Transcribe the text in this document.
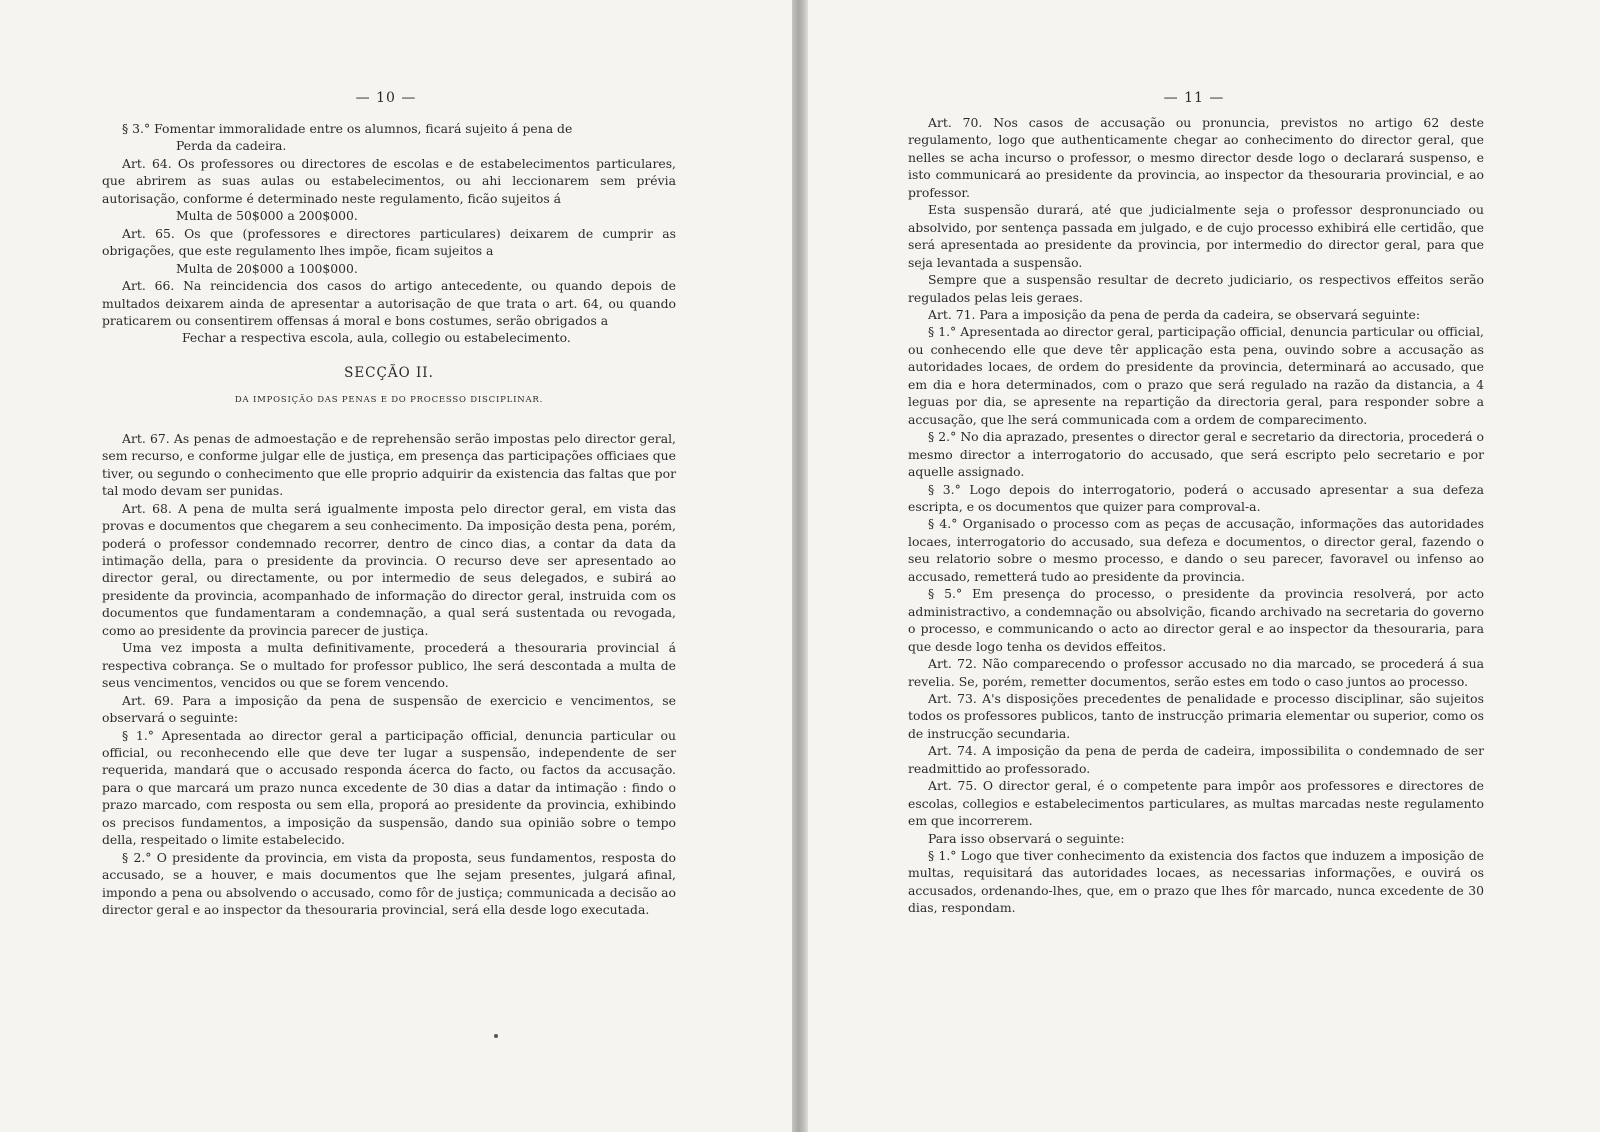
— 10 —

§ 3.° Fomentar immoralidade entre os alumnos, ficará sujeito á pena de

Perda da cadeira.

Art. 64. Os professores ou directores de escolas e de estabelecimentos particulares, que abrirem as suas aulas ou estabelecimentos, ou ahi leccionarem sem prévia autorisação, conforme é determinado neste regulamento, ficão sujeitos á

Multa de 50$000 a 200$000.

Art. 65. Os que (professores e directores particulares) deixarem de cumprir as obrigações, que este regulamento lhes impõe, ficam sujeitos a

Multa de 20$000 a 100$000.

Art. 66. Na reincidencia dos casos do artigo antecedente, ou quando depois de multados deixarem ainda de apresentar a autorisação de que trata o art. 64, ou quando praticarem ou consentirem offensas á moral e bons costumes, serão obrigados a

Fechar a respectiva escola, aula, collegio ou estabelecimento.

SECÇÃO II.
DA IMPOSIÇÃO DAS PENAS E DO PROCESSO DISCIPLINAR.

Art. 67. As penas de admoestação e de reprehensão serão impostas pelo director geral, sem recurso, e conforme julgar elle de justiça, em presença das participações officiaes que tiver, ou segundo o conhecimento que elle proprio adquirir da existencia das faltas que por tal modo devam ser punidas.

Art. 68. A pena de multa será igualmente imposta pelo director geral, em vista das provas e documentos que chegarem a seu conhecimento. Da imposição desta pena, porém, poderá o professor condemnado recorrer, dentro de cinco dias, a contar da data da intimação della, para o presidente da provincia. O recurso deve ser apresentado ao director geral, ou directamente, ou por intermedio de seus delegados, e subirá ao presidente da provincia, acompanhado de informação do director geral, instruida com os documentos que fundamentaram a condemnação, a qual será sustentada ou revogada, como ao presidente da provincia parecer de justiça.

Uma vez imposta a multa definitivamente, procederá a thesouraria provincial á respectiva cobrança. Se o multado for professor publico, lhe será descontada a multa de seus vencimentos, vencidos ou que se forem vencendo.

Art. 69. Para a imposição da pena de suspensão de exercicio e vencimentos, se observará o seguinte:

§ 1.° Apresentada ao director geral a participação official, denuncia particular ou official, ou reconhecendo elle que deve ter lugar a suspensão, independente de ser requerida, mandará que o accusado responda ácerca do facto, ou factos da accusação. para o que marcará um prazo nunca excedente de 30 dias a datar da intimação : findo o prazo marcado, com resposta ou sem ella, proporá ao presidente da provincia, exhibindo os precisos fundamentos, a imposição da suspensão, dando sua opinião sobre o tempo della, respeitado o limite estabelecido.

§ 2.° O presidente da provincia, em vista da proposta, seus fundamentos, resposta do accusado, se a houver, e mais documentos que lhe sejam presentes, julgará afinal, impondo a pena ou absolvendo o accusado, como fôr de justiça; communicada a decisão ao director geral e ao inspector da thesouraria provincial, será ella desde logo executada.

— 11 —

Art. 70. Nos casos de accusação ou pronuncia, previstos no artigo 62 deste regulamento, logo que authenticamente chegar ao conhecimento do director geral, que nelles se acha incurso o professor, o mesmo director desde logo o declarará suspenso, e isto communicará ao presidente da provincia, ao inspector da thesouraria provincial, e ao professor.

Esta suspensão durará, até que judicialmente seja o professor despronunciado ou absolvido, por sentença passada em julgado, e de cujo processo exhibirá elle certidão, que será apresentada ao presidente da provincia, por intermedio do director geral, para que seja levantada a suspensão.

Sempre que a suspensão resultar de decreto judiciario, os respectivos effeitos serão regulados pelas leis geraes.

Art. 71. Para a imposição da pena de perda da cadeira, se observará seguinte:

§ 1.° Apresentada ao director geral, participação official, denuncia particular ou official, ou conhecendo elle que deve têr applicação esta pena, ouvindo sobre a accusação as autoridades locaes, de ordem do presidente da provincia, determinará ao accusado, que em dia e hora determinados, com o prazo que será regulado na razão da distancia, a 4 leguas por dia, se apresente na repartição da directoria geral, para responder sobre a accusação, que lhe será communicada com a ordem de comparecimento.

§ 2.° No dia aprazado, presentes o director geral e secretario da directoria, procederá o mesmo director a interrogatorio do accusado, que será escripto pelo secretario e por aquelle assignado.

§ 3.° Logo depois do interrogatorio, poderá o accusado apresentar a sua defeza escripta, e os documentos que quizer para comproval-a.

§ 4.° Organisado o processo com as peças de accusação, informações das autoridades locaes, interrogatorio do accusado, sua defeza e documentos, o director geral, fazendo o seu relatorio sobre o mesmo processo, e dando o seu parecer, favoravel ou infenso ao accusado, remetterá tudo ao presidente da provincia.

§ 5.° Em presença do processo, o presidente da provincia resolverá, por acto administractivo, a condemnação ou absolvição, ficando archivado na secretaria do governo o processo, e communicando o acto ao director geral e ao inspector da thesouraria, para que desde logo tenha os devidos effeitos.

Art. 72. Não comparecendo o professor accusado no dia marcado, se procederá á sua revelia. Se, porém, remetter documentos, serão estes em todo o caso juntos ao processo.

Art. 73. A's disposições precedentes de penalidade e processo disciplinar, são sujeitos todos os professores publicos, tanto de instrucção primaria elementar ou superior, como os de instrucção secundaria.

Art. 74. A imposição da pena de perda de cadeira, impossibilita o condemnado de ser readmittido ao professorado.

Art. 75. O director geral, é o competente para impôr aos professores e directores de escolas, collegios e estabelecimentos particulares, as multas marcadas neste regulamento em que incorrerem.

Para isso observará o seguinte:

§ 1.° Logo que tiver conhecimento da existencia dos factos que induzem a imposição de multas, requisitará das autoridades locaes, as necessarias informações, e ouvirá os accusados, ordenando-lhes, que, em o prazo que lhes fôr marcado, nunca excedente de 30 dias, respondam.
